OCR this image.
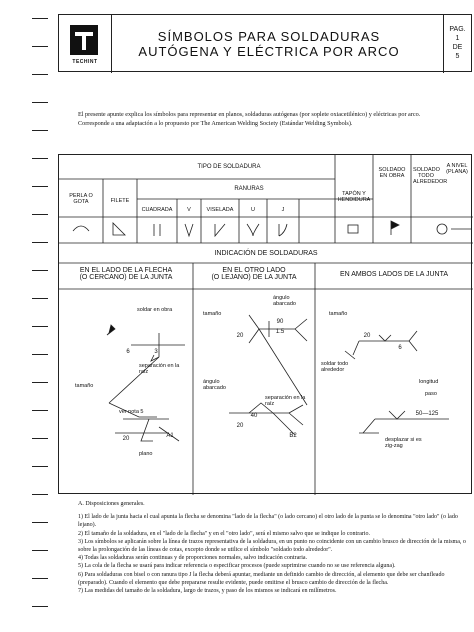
TECHINT
SÍMBOLOS PARA SOLDADURAS
AUTÓGENA Y ELÉCTRICA POR ARCO
PAG.
1
DE
5
El presente apunte explica los símbolos para representar en planos, soldaduras autógenas (por soplete oxiacetilénico) y eléctricas por arco. Corresponde a una adaptación a lo propuesto por The American Welding Society (Estándar Welding Symbols).
TIPO DE SOLDADURA
RANURAS
PERLA O GOTA	FILETE
CUADRADA	V	VISELADA	U	J
TAPÓN Y HENDIDURA
SOLDADO EN OBRA
SOLDADO TODO ALREDEDOR
A NIVEL (PLANA)
INDICACIÓN DE SOLDADURAS
EN EL LADO DE LA FLECHA
(O CERCANO) DE LA JUNTA
EN EL OTRO LADO
(O LEJANO) DE LA JUNTA	EN AMBOS LADOS DE LA JUNTA
soldar en obra
separación en la raíz
tamaño
ver nota 5
plano
A1
6	3
20
ángulo abarcado
tamaño
ángulo abarcado
separación en la raíz
B2
90
1.5
20
40
20
tamaño
soldar todo alrededor
longitud
paso
desplazar si es zig-zag
20
6
50—125

A. Disposiciones generales.

1) El lado de la junta hacia el cual apunta la flecha se denomina "lado de la flecha" (o lado cercano) el otro lado de la punta se lo denomina "otro lado" (o lado lejano).

2) El tamaño de la soldadura, en el "lado de la flecha" y en el "otro lado", será el mismo salvo que se indique lo contrario.

3) Los símbolos se aplicarán sobre la línea de trazos representativa de la soldadura, en un punto no coincidente con un cambio brusco de dirección de la misma, o sobre la prolongación de las líneas de cotas, excepto donde se utilice el símbolo "soldado todo alrededor".

4) Todas las soldaduras serán continuas y de proporciones normales, salvo indicación contraria.

5) La cola de la flecha se usará para indicar referencia o especificar procesos (puede suprimirse cuando no se use referencia alguna).

6) Para soldaduras con bisel o con ranura tipo J la flecha deberá apuntar, mediante un definido cambio de dirección, al elemento que debe ser chanfleado (preparado). Cuando el elemento que debe prepararse resulte evidente, puede omitirse el brusco cambio de dirección de la flecha.

7) Las medidas del tamaño de la soldadura, largo de trazos, y paso de los mismos se indicará en milímetros.
